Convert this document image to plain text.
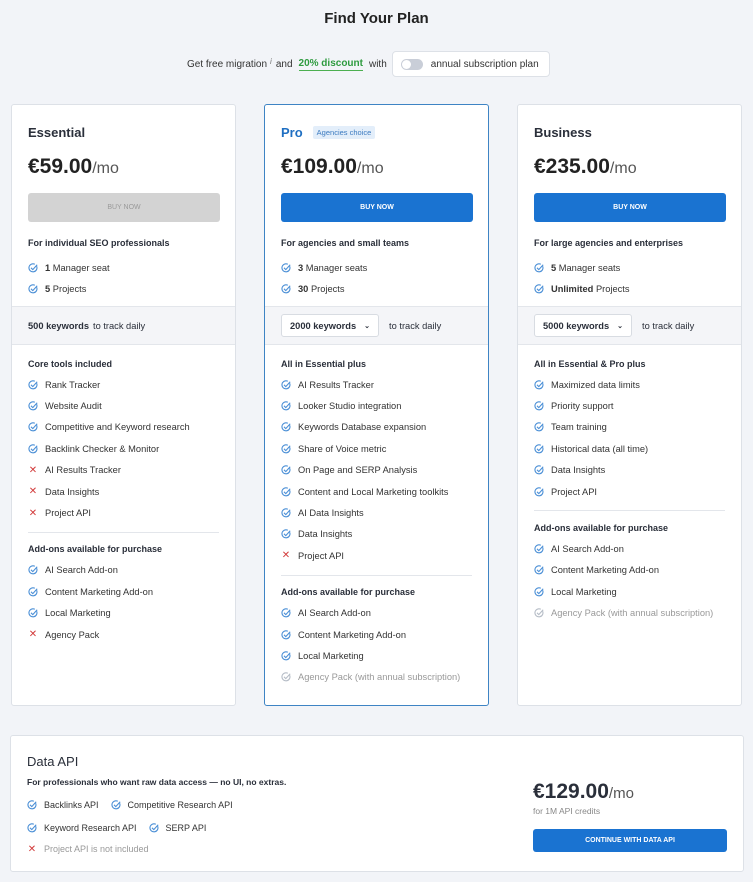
Find Your Plan
Get free migration i and 20% discount with	annual subscription plan
Essential
€59.00/mo
BUY NOW
For individual SEO professionals
1
Manager seat
5
Projects
500 keywords to track daily
Core tools included
Rank Tracker
Website Audit
Competitive and Keyword research
Backlink Checker & Monitor
✕ AI Results Tracker
✕ Data Insights
✕ Project API
Add-ons available for purchase
AI Search Add-on
Content Marketing Add-on
Local Marketing
✕ Agency Pack
Pro	Agencies choice
€109.00/mo
BUY NOW
For agencies and small teams
3
Manager seats
30
Projects
2000 keywords ⌄ to track daily
All in Essential plus
AI Results Tracker
Looker Studio integration
Keywords Database expansion
Share of Voice metric
On Page and SERP Analysis
Content and Local Marketing toolkits
AI Data Insights
Data Insights
✕ Project API
Add-ons available for purchase
AI Search Add-on
Content Marketing Add-on
Local Marketing
Agency Pack (with annual subscription)
Business
€235.00/mo
BUY NOW
For large agencies and enterprises
5
Manager seats
Unlimited
Projects
5000 keywords ⌄ to track daily
All in Essential & Pro plus
Maximized data limits
Priority support
Team training
Historical data (all time)
Data Insights
Project API
Add-ons available for purchase
AI Search Add-on
Content Marketing Add-on
Local Marketing
Agency Pack (with annual subscription)
Data API
For professionals who want raw data access — no UI, no extras.
Backlinks API	Competitive Research API
Keyword Research API	SERP API
✕ Project API is not included
€129.00/mo
for 1M API credits
CONTINUE WITH DATA API
